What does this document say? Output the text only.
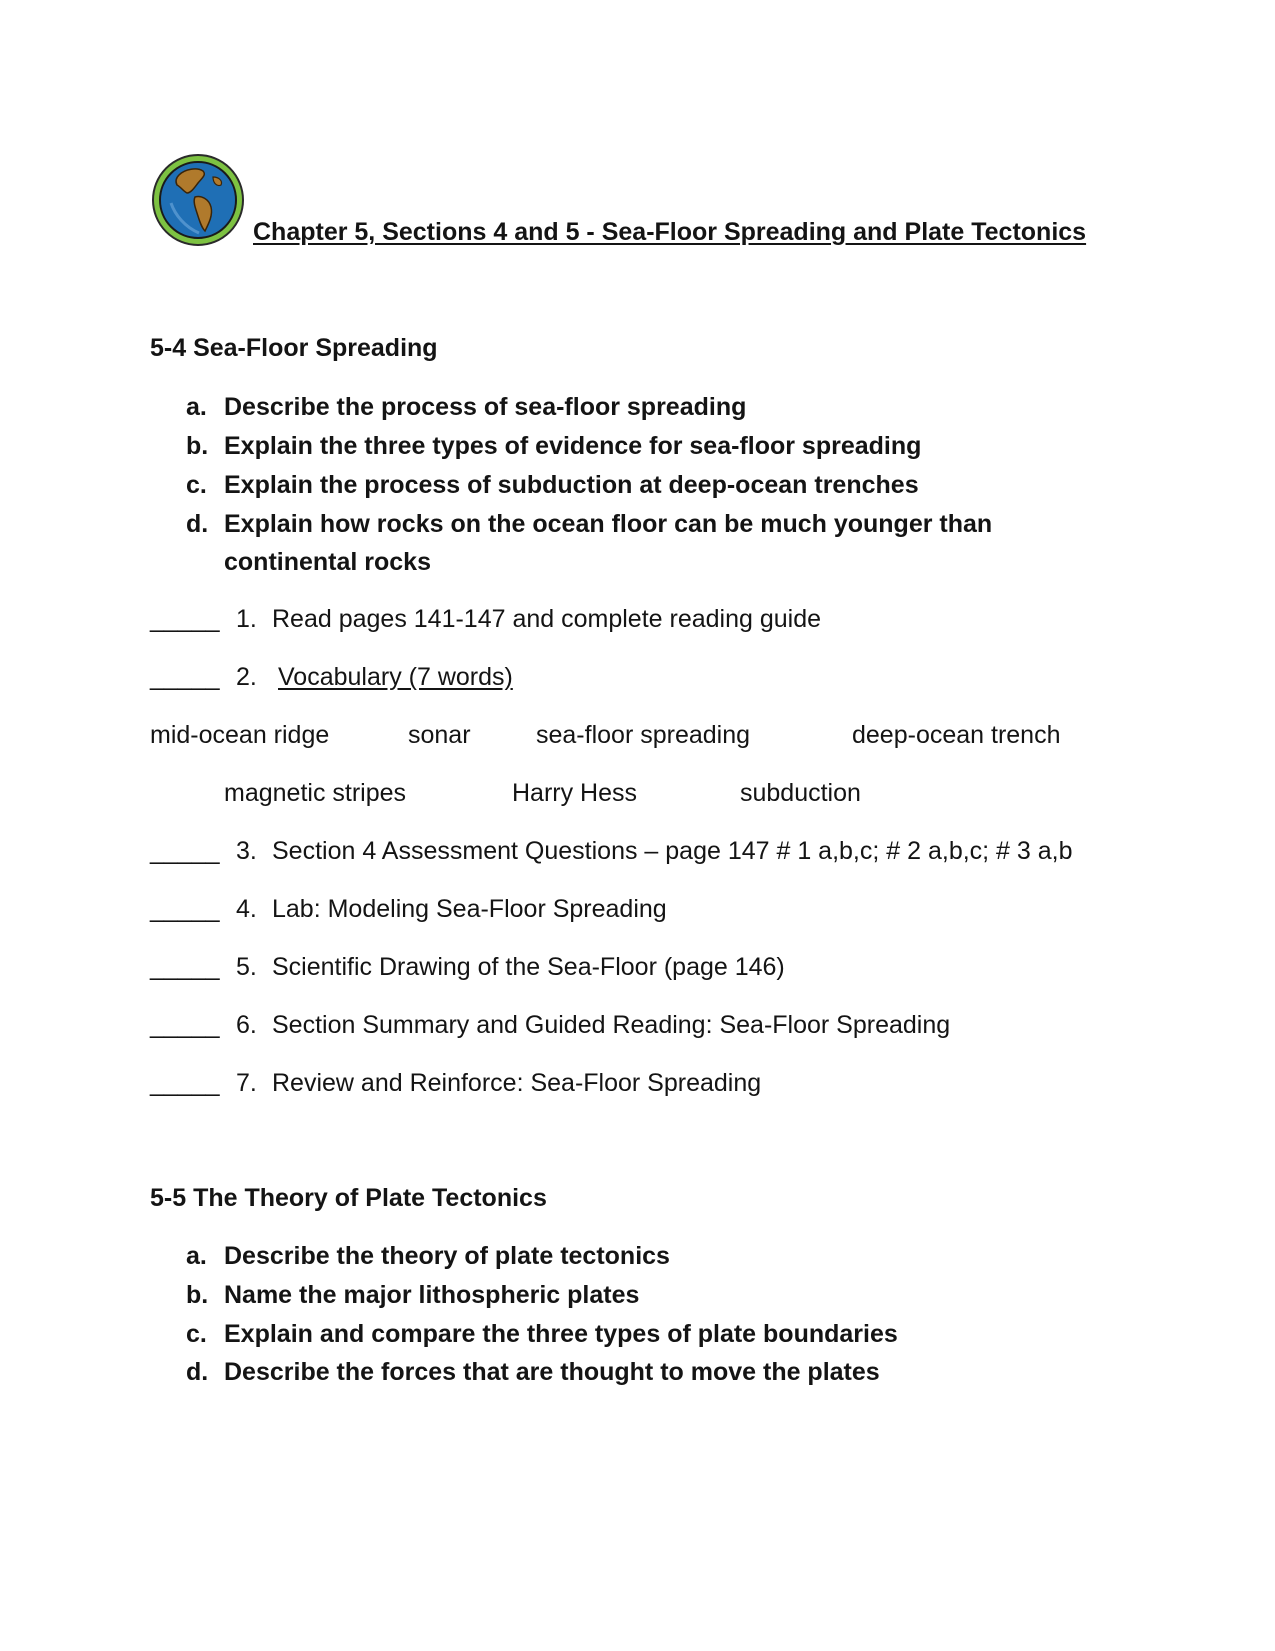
Chapter 5, Sections 4 and 5 - Sea-Floor Spreading and Plate Tectonics
5-4 Sea-Floor Spreading
a. Describe the process of sea-floor spreading
b. Explain the three types of evidence for sea-floor spreading
c. Explain the process of subduction at deep-ocean trenches
d. Explain how rocks on the ocean floor can be much younger than
continental rocks
_____ 1. Read pages 141-147 and complete reading guide
_____ 2. Vocabulary (7 words)
mid-ocean ridge	sonar	sea-floor spreading	deep-ocean trench
magnetic stripes	Harry Hess	subduction
_____ 3. Section 4 Assessment Questions – page 147 # 1 a,b,c; # 2 a,b,c; # 3 a,b
_____ 4. Lab: Modeling Sea-Floor Spreading
_____ 5. Scientific Drawing of the Sea-Floor (page 146)
_____ 6. Section Summary and Guided Reading: Sea-Floor Spreading
_____ 7. Review and Reinforce: Sea-Floor Spreading
5-5 The Theory of Plate Tectonics
a. Describe the theory of plate tectonics
b. Name the major lithospheric plates
c. Explain and compare the three types of plate boundaries
d. Describe the forces that are thought to move the plates
